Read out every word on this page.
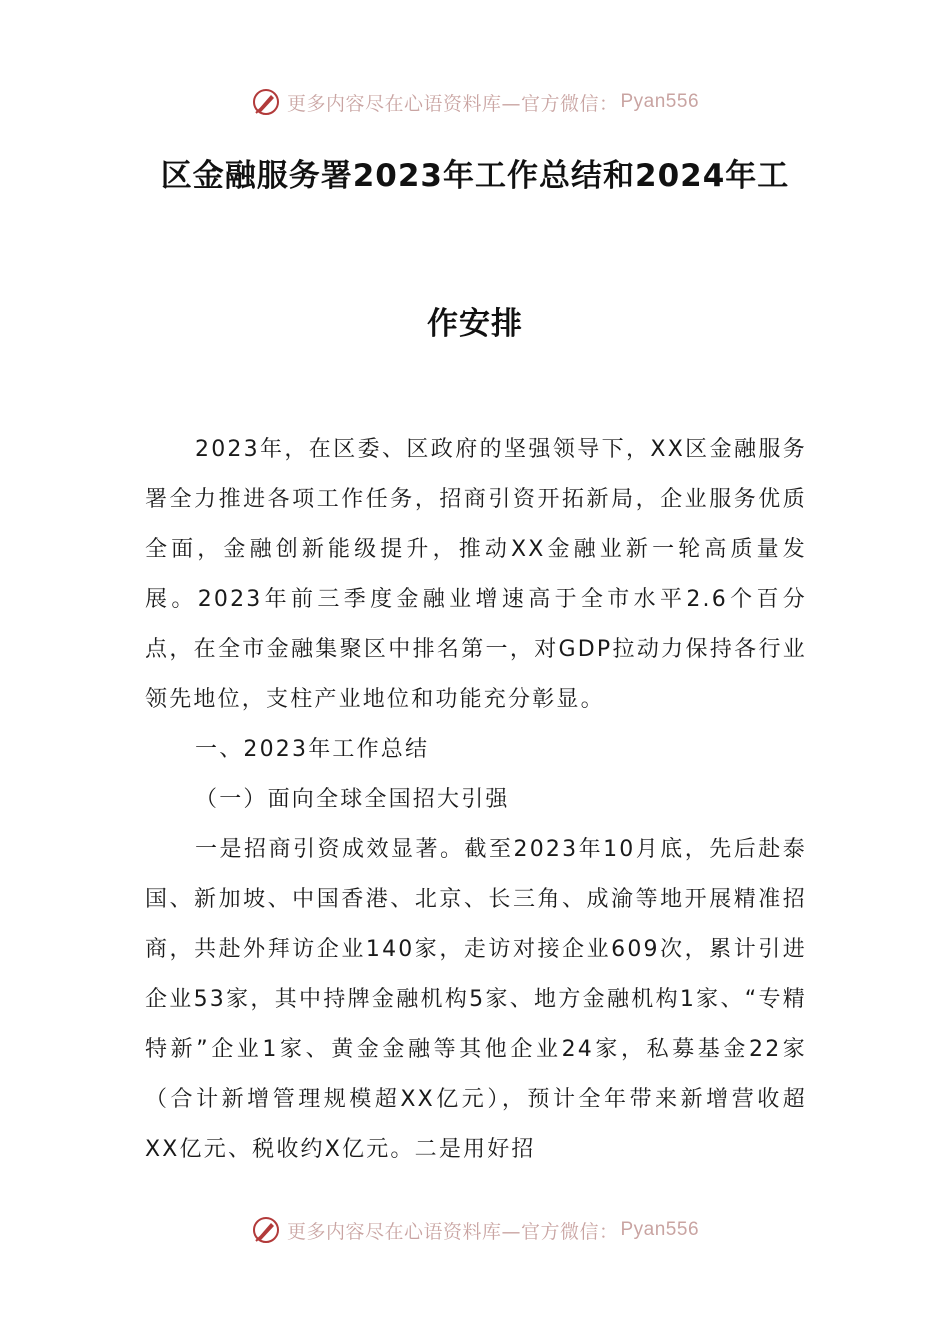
更多内容尽在心语资料库—官方微信： Pyan556
区金融服务署2023年工作总结和2024年工
作安排

2023年，在区委、区政府的坚强领导下，XX区金融服务署全力推进各项工作任务，招商引资开拓新局，企业服务优质全面，金融创新能级提升，推动XX金融业新一轮高质量发展。2023年前三季度金融业增速高于全市水平2.6个百分点，在全市金融集聚区中排名第一，对GDP拉动力保持各行业领先地位，支柱产业地位和功能充分彰显。

一、2023年工作总结

（一）面向全球全国招大引强

一是招商引资成效显著。截至2023年10月底，先后赴泰国、新加坡、中国香港、北京、长三角、成渝等地开展精准招商，共赴外拜访企业140家，走访对接企业609次，累计引进企业53家，其中持牌金融机构5家、地方金融机构1家、“专精特新”企业1家、黄金金融等其他企业24家，私募基金22家（合计新增管理规模超XX亿元），预计全年带来新增营收超XX亿元、税收约X亿元。二是用好招

更多内容尽在心语资料库—官方微信： Pyan556
